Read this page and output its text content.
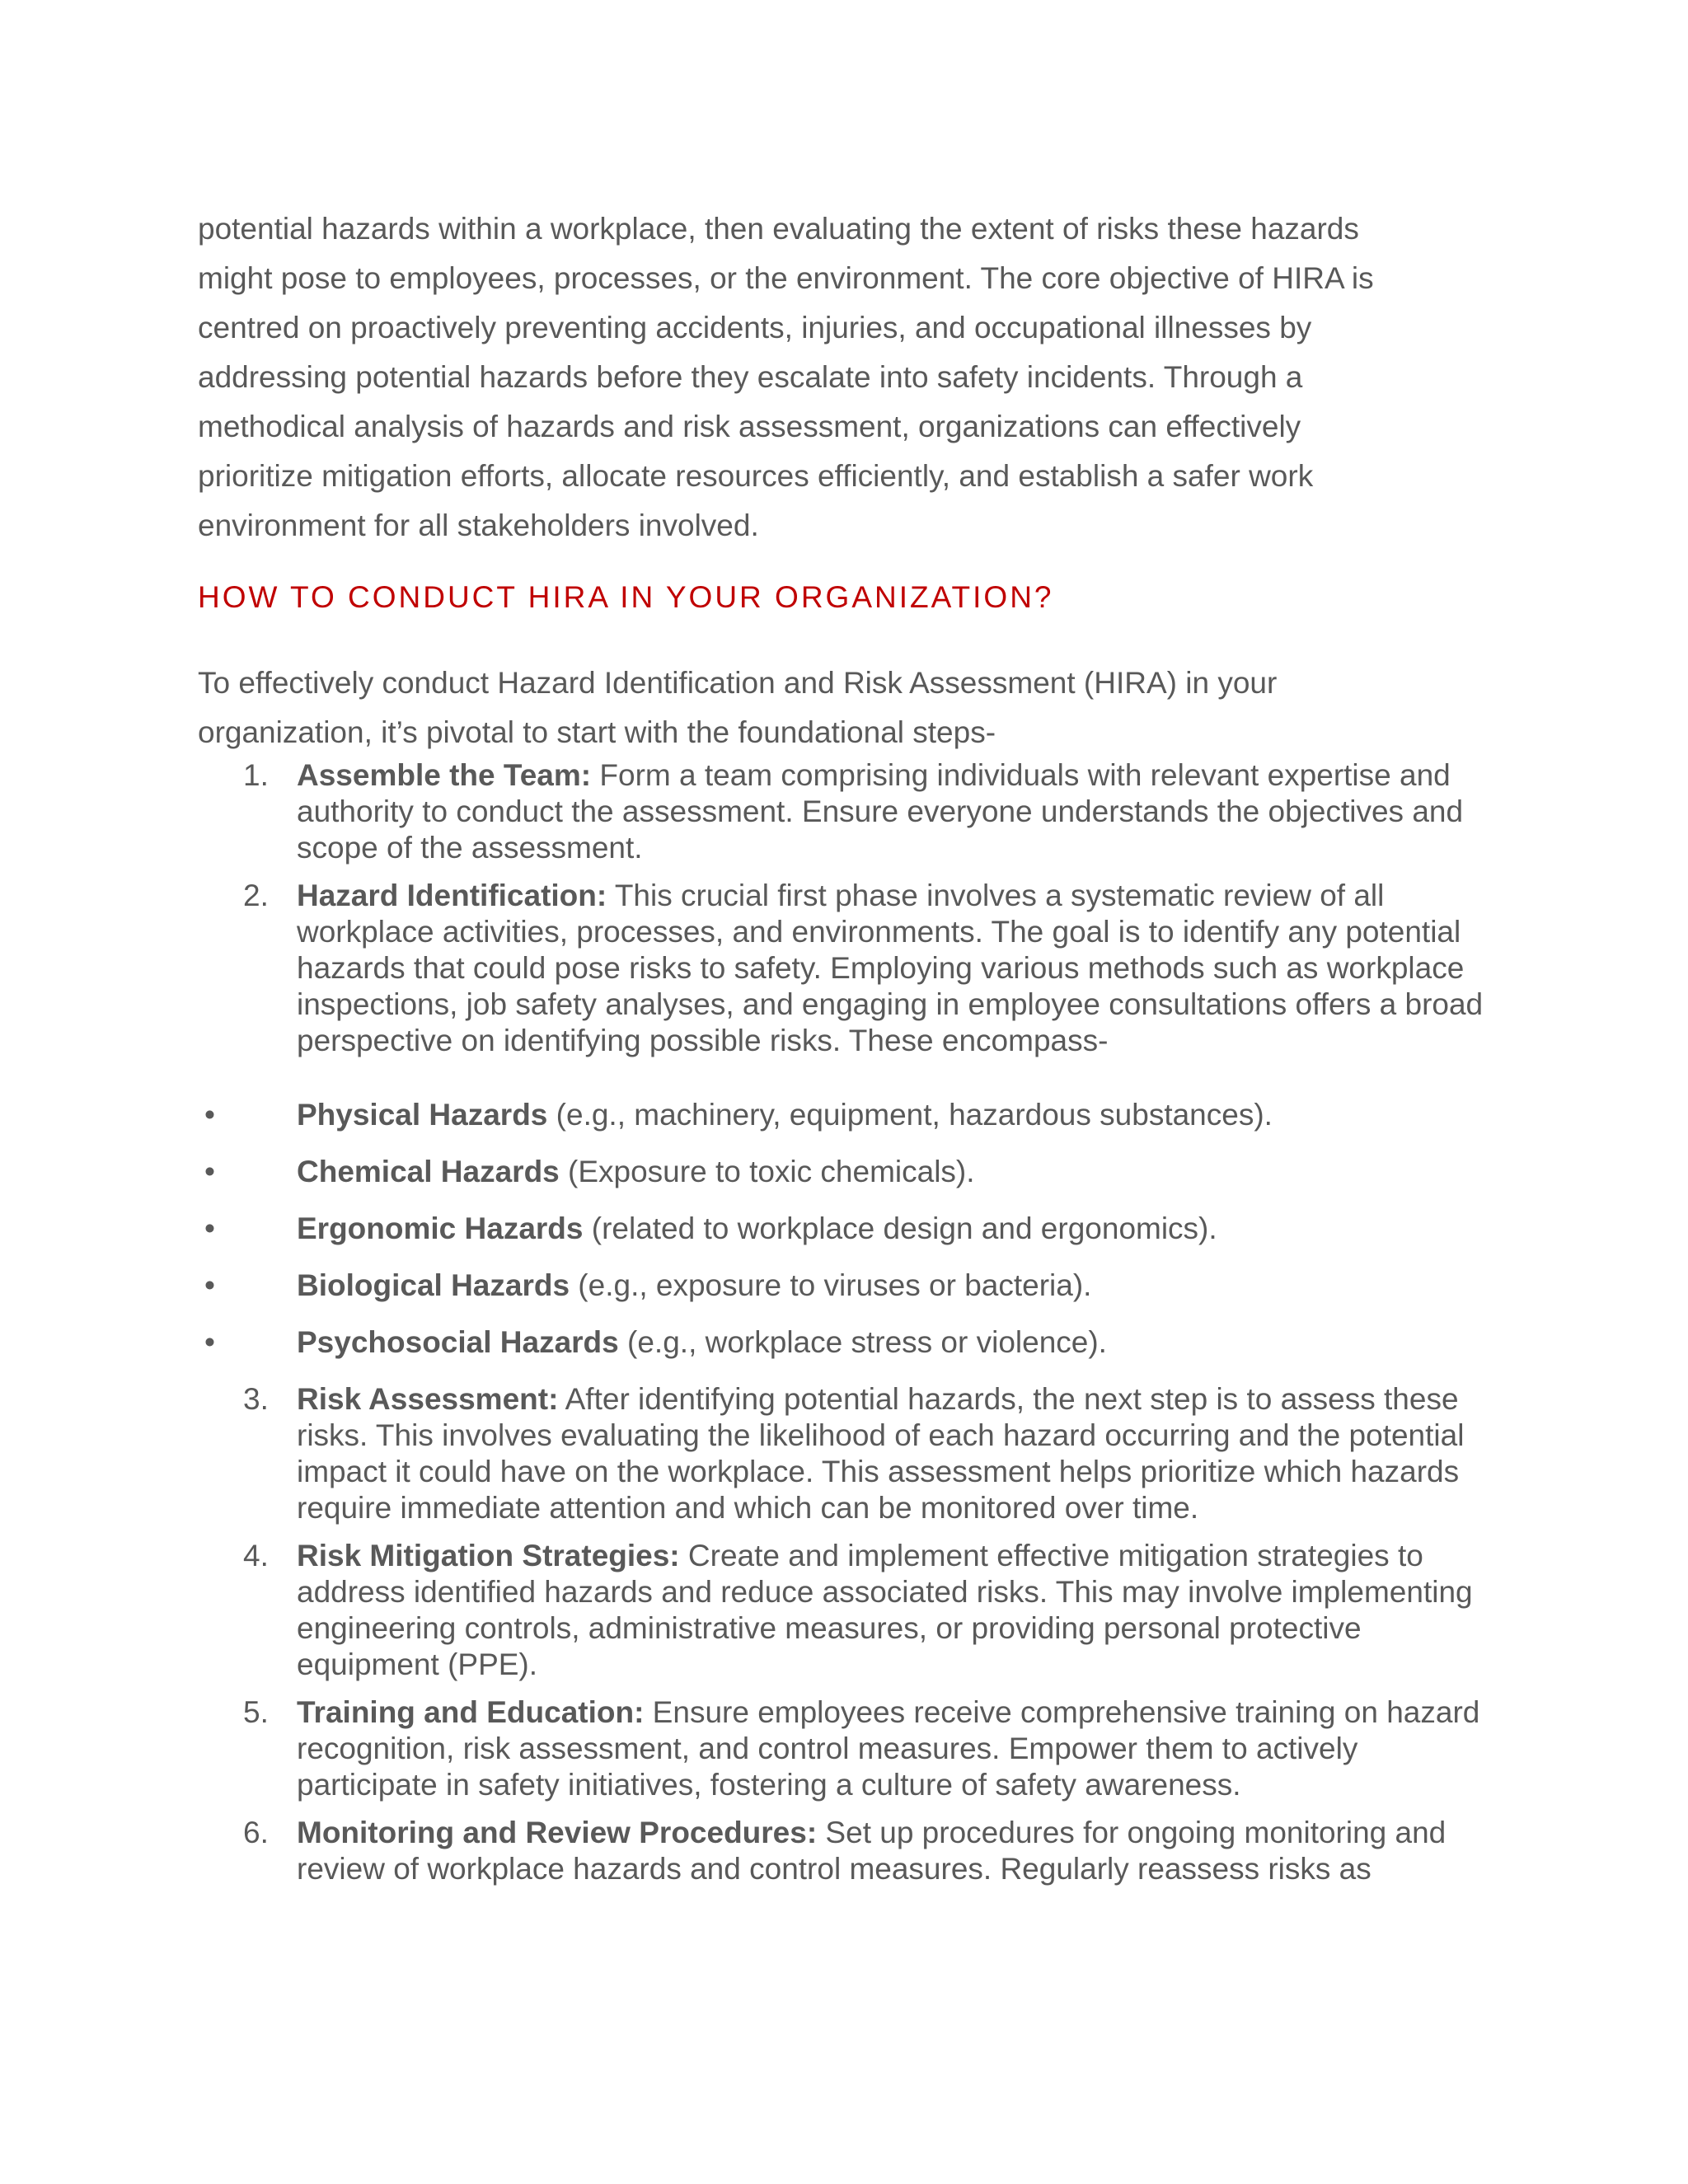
potential hazards within a workplace, then evaluating the extent of risks these hazards
might pose to employees, processes, or the environment. The core objective of HIRA is
centred on proactively preventing accidents, injuries, and occupational illnesses by
addressing potential hazards before they escalate into safety incidents. Through a
methodical analysis of hazards and risk assessment, organizations can effectively
prioritize mitigation efforts, allocate resources efficiently, and establish a safer work
environment for all stakeholders involved.

HOW TO CONDUCT HIRA IN YOUR ORGANIZATION?

To effectively conduct Hazard Identification and Risk Assessment (HIRA) in your
organization, it’s pivotal to start with the foundational steps-

1. Assemble the Team: Form a team comprising individuals with relevant expertise and authority to conduct the assessment. Ensure everyone understands the objectives and scope of the assessment.
2. Hazard Identification: This crucial first phase involves a systematic review of all workplace activities, processes, and environments. The goal is to identify any potential hazards that could pose risks to safety. Employing various methods such as workplace inspections, job safety analyses, and engaging in employee consultations offers a broad perspective on identifying possible risks. These encompass-
•	Physical Hazards (e.g., machinery, equipment, hazardous substances).
•	Chemical Hazards (Exposure to toxic chemicals).
•	Ergonomic Hazards (related to workplace design and ergonomics).
•	Biological Hazards (e.g., exposure to viruses or bacteria).
•	Psychosocial Hazards (e.g., workplace stress or violence).
3. Risk Assessment: After identifying potential hazards, the next step is to assess these risks. This involves evaluating the likelihood of each hazard occurring and the potential impact it could have on the workplace. This assessment helps prioritize which hazards require immediate attention and which can be monitored over time.
4. Risk Mitigation Strategies: Create and implement effective mitigation strategies to address identified hazards and reduce associated risks. This may involve implementing engineering controls, administrative measures, or providing personal protective equipment (PPE).
5. Training and Education: Ensure employees receive comprehensive training on hazard recognition, risk assessment, and control measures. Empower them to actively participate in safety initiatives, fostering a culture of safety awareness.
6. Monitoring and Review Procedures: Set up procedures for ongoing monitoring and review of workplace hazards and control measures. Regularly reassess risks as
